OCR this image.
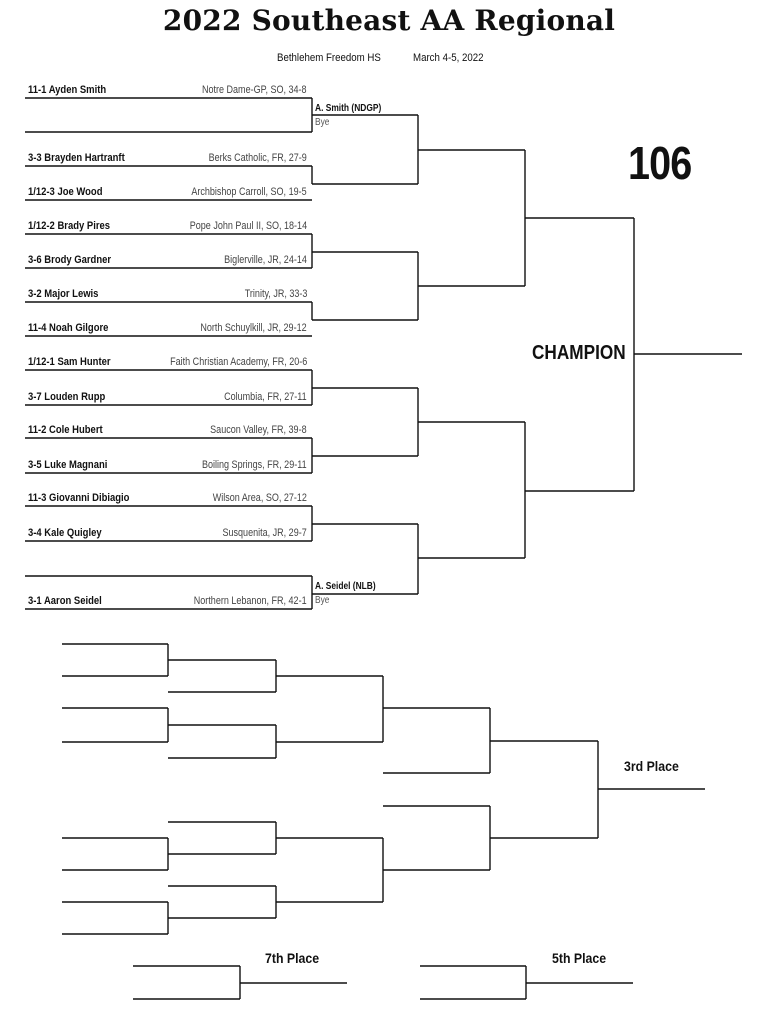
2022 Southeast AA Regional
Bethlehem Freedom HS	March 4-5, 2022
106
CHAMPION
11-1 Ayden Smith	Notre Dame-GP, SO, 34-8
3-3 Brayden Hartranft	Berks Catholic, FR, 27-9
1/12-3 Joe Wood	Archbishop Carroll, SO, 19-5
1/12-2 Brady Pires	Pope John Paul II, SO, 18-14
3-6 Brody Gardner	Biglerville, JR, 24-14
3-2 Major Lewis	Trinity, JR, 33-3
11-4 Noah Gilgore	North Schuylkill, JR, 29-12
1/12-1 Sam Hunter	Faith Christian Academy, FR, 20-6
3-7 Louden Rupp	Columbia, FR, 27-11
11-2 Cole Hubert	Saucon Valley, FR, 39-8
3-5 Luke Magnani	Boiling Springs, FR, 29-11
11-3 Giovanni Dibiagio	Wilson Area, SO, 27-12
3-4 Kale Quigley	Susquenita, JR, 29-7
3-1 Aaron Seidel	Northern Lebanon, FR, 42-1
A. Smith (NDGP)
Bye
A. Seidel (NLB)
Bye
3rd Place
7th Place	5th Place
